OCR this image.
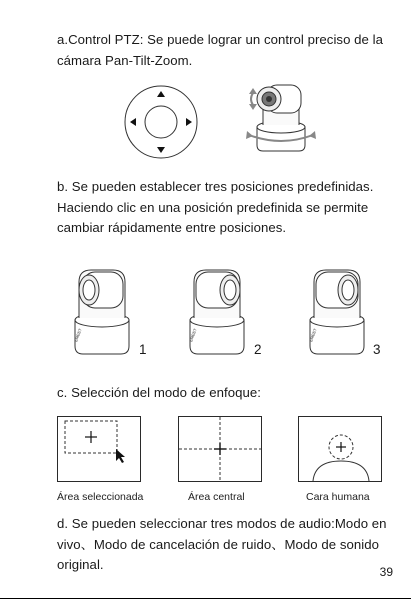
a.Control PTZ: Se puede lograr un control preciso de la cámara Pan-Tilt-Zoom.
b. Se pueden establecer tres posiciones predefinidas. Haciendo clic en una posición predefinida se permite cambiar rápidamente entre posiciones.
EMEET
1
EMEET
2
EMEET
3
c. Selección del modo de enfoque:
Área seleccionada	Área central	Cara humana
d. Se pueden seleccionar tres modos de audio:Modo en vivo、Modo de cancelación de ruido、Modo de sonido original.	39
